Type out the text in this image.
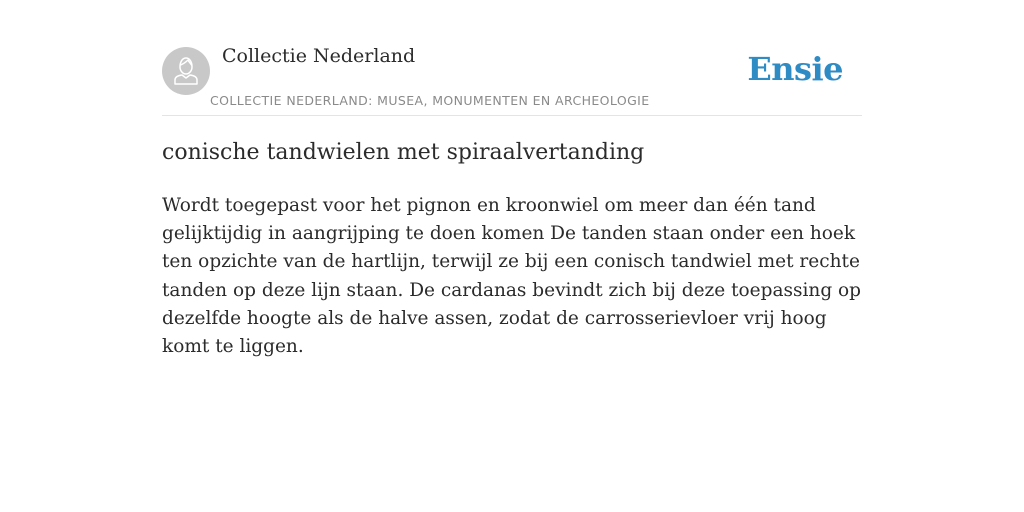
Collectie Nederland
COLLECTIE NEDERLAND: MUSEA, MONUMENTEN EN ARCHEOLOGIE
Ensie
conische tandwielen met spiraalvertanding

Wordt toegepast voor het pignon en kroonwiel om meer dan één tand gelijktijdig in aangrijping te doen komen De tanden staan onder een hoek ten opzichte van de hartlijn, terwijl ze bij een conisch tandwiel met rechte tanden op deze lijn staan. De cardanas bevindt zich bij deze toepassing op dezelfde hoogte als de halve assen, zodat de carrosserievloer vrij hoog komt te liggen.
